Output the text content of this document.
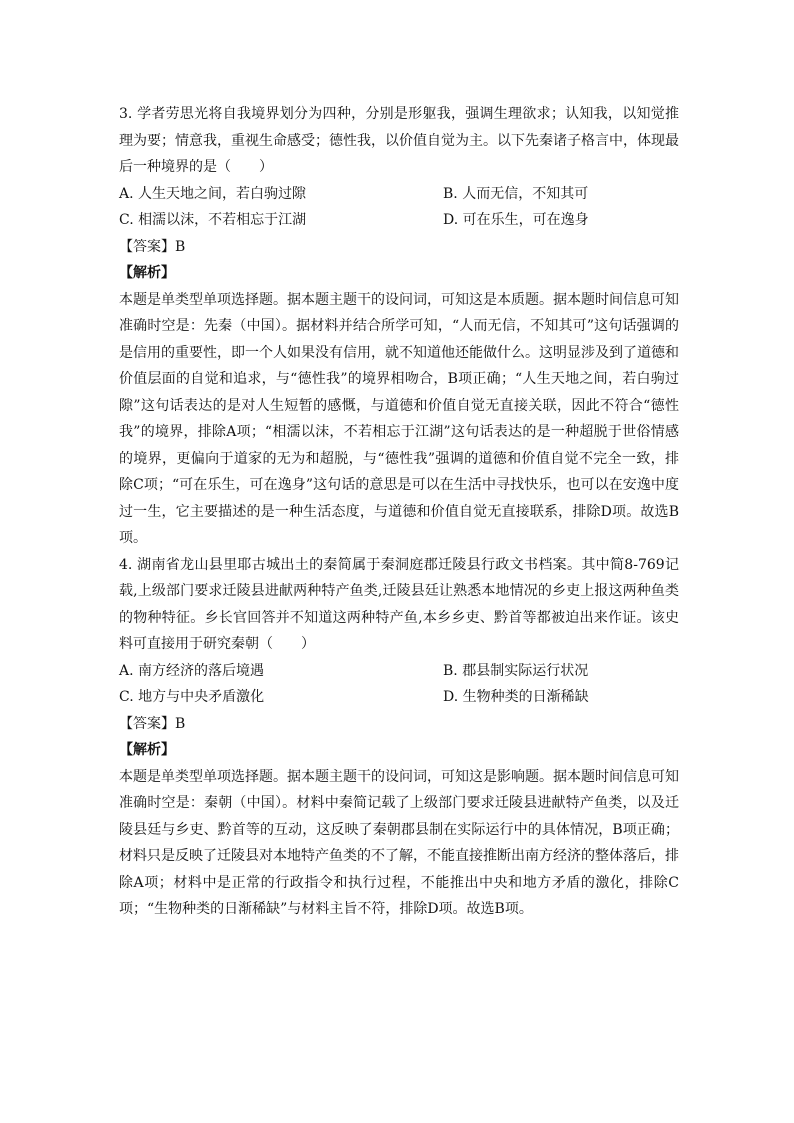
3. 学者劳思光将自我境界划分为四种，分别是形躯我，强调生理欲求；认知我，以知觉推理为要；情意我，重视生命感受；德性我，以价值自觉为主。以下先秦诸子格言中，体现最后一种境界的是（　　）

A. 人生天地之间，若白驹过隙	B. 人而无信，不知其可
C. 相濡以沫，不若相忘于江湖	D. 可在乐生，可在逸身

【答案】B

【解析】

本题是单类型单项选择题。据本题主题干的设问词，可知这是本质题。据本题时间信息可知准确时空是：先秦（中国）。据材料并结合所学可知，“人而无信，不知其可”这句话强调的是信用的重要性，即一个人如果没有信用，就不知道他还能做什么。这明显涉及到了道德和价值层面的自觉和追求，与“德性我”的境界相吻合，B项正确；“人生天地之间，若白驹过隙”这句话表达的是对人生短暂的感慨，与道德和价值自觉无直接关联，因此不符合“德性我”的境界，排除A项；“相濡以沫，不若相忘于江湖”这句话表达的是一种超脱于世俗情感的境界，更偏向于道家的无为和超脱，与“德性我”强调的道德和价值自觉不完全一致，排除C项；“可在乐生，可在逸身”这句话的意思是可以在生活中寻找快乐，也可以在安逸中度过一生，它主要描述的是一种生活态度，与道德和价值自觉无直接联系，排除D项。故选B项。

4. 湖南省龙山县里耶古城出土的秦简属于秦洞庭郡迁陵县行政文书档案。其中简8-769记载,上级部门要求迁陵县进献两种特产鱼类,迁陵县廷让熟悉本地情况的乡吏上报这两种鱼类的物种特征。乡长官回答并不知道这两种特产鱼,本乡乡吏、黔首等都被迫出来作证。该史料可直接用于研究秦朝（　　）

A. 南方经济的落后境遇	B. 郡县制实际运行状况
C. 地方与中央矛盾激化	D. 生物种类的日渐稀缺

【答案】B

【解析】

本题是单类型单项选择题。据本题主题干的设问词，可知这是影响题。据本题时间信息可知准确时空是：秦朝（中国）。材料中秦简记载了上级部门要求迁陵县进献特产鱼类，以及迁陵县廷与乡吏、黔首等的互动，这反映了秦朝郡县制在实际运行中的具体情况，B项正确；材料只是反映了迁陵县对本地特产鱼类的不了解，不能直接推断出南方经济的整体落后，排除A项；材料中是正常的行政指令和执行过程，不能推出中央和地方矛盾的激化，排除C项；“生物种类的日渐稀缺”与材料主旨不符，排除D项。故选B项。
